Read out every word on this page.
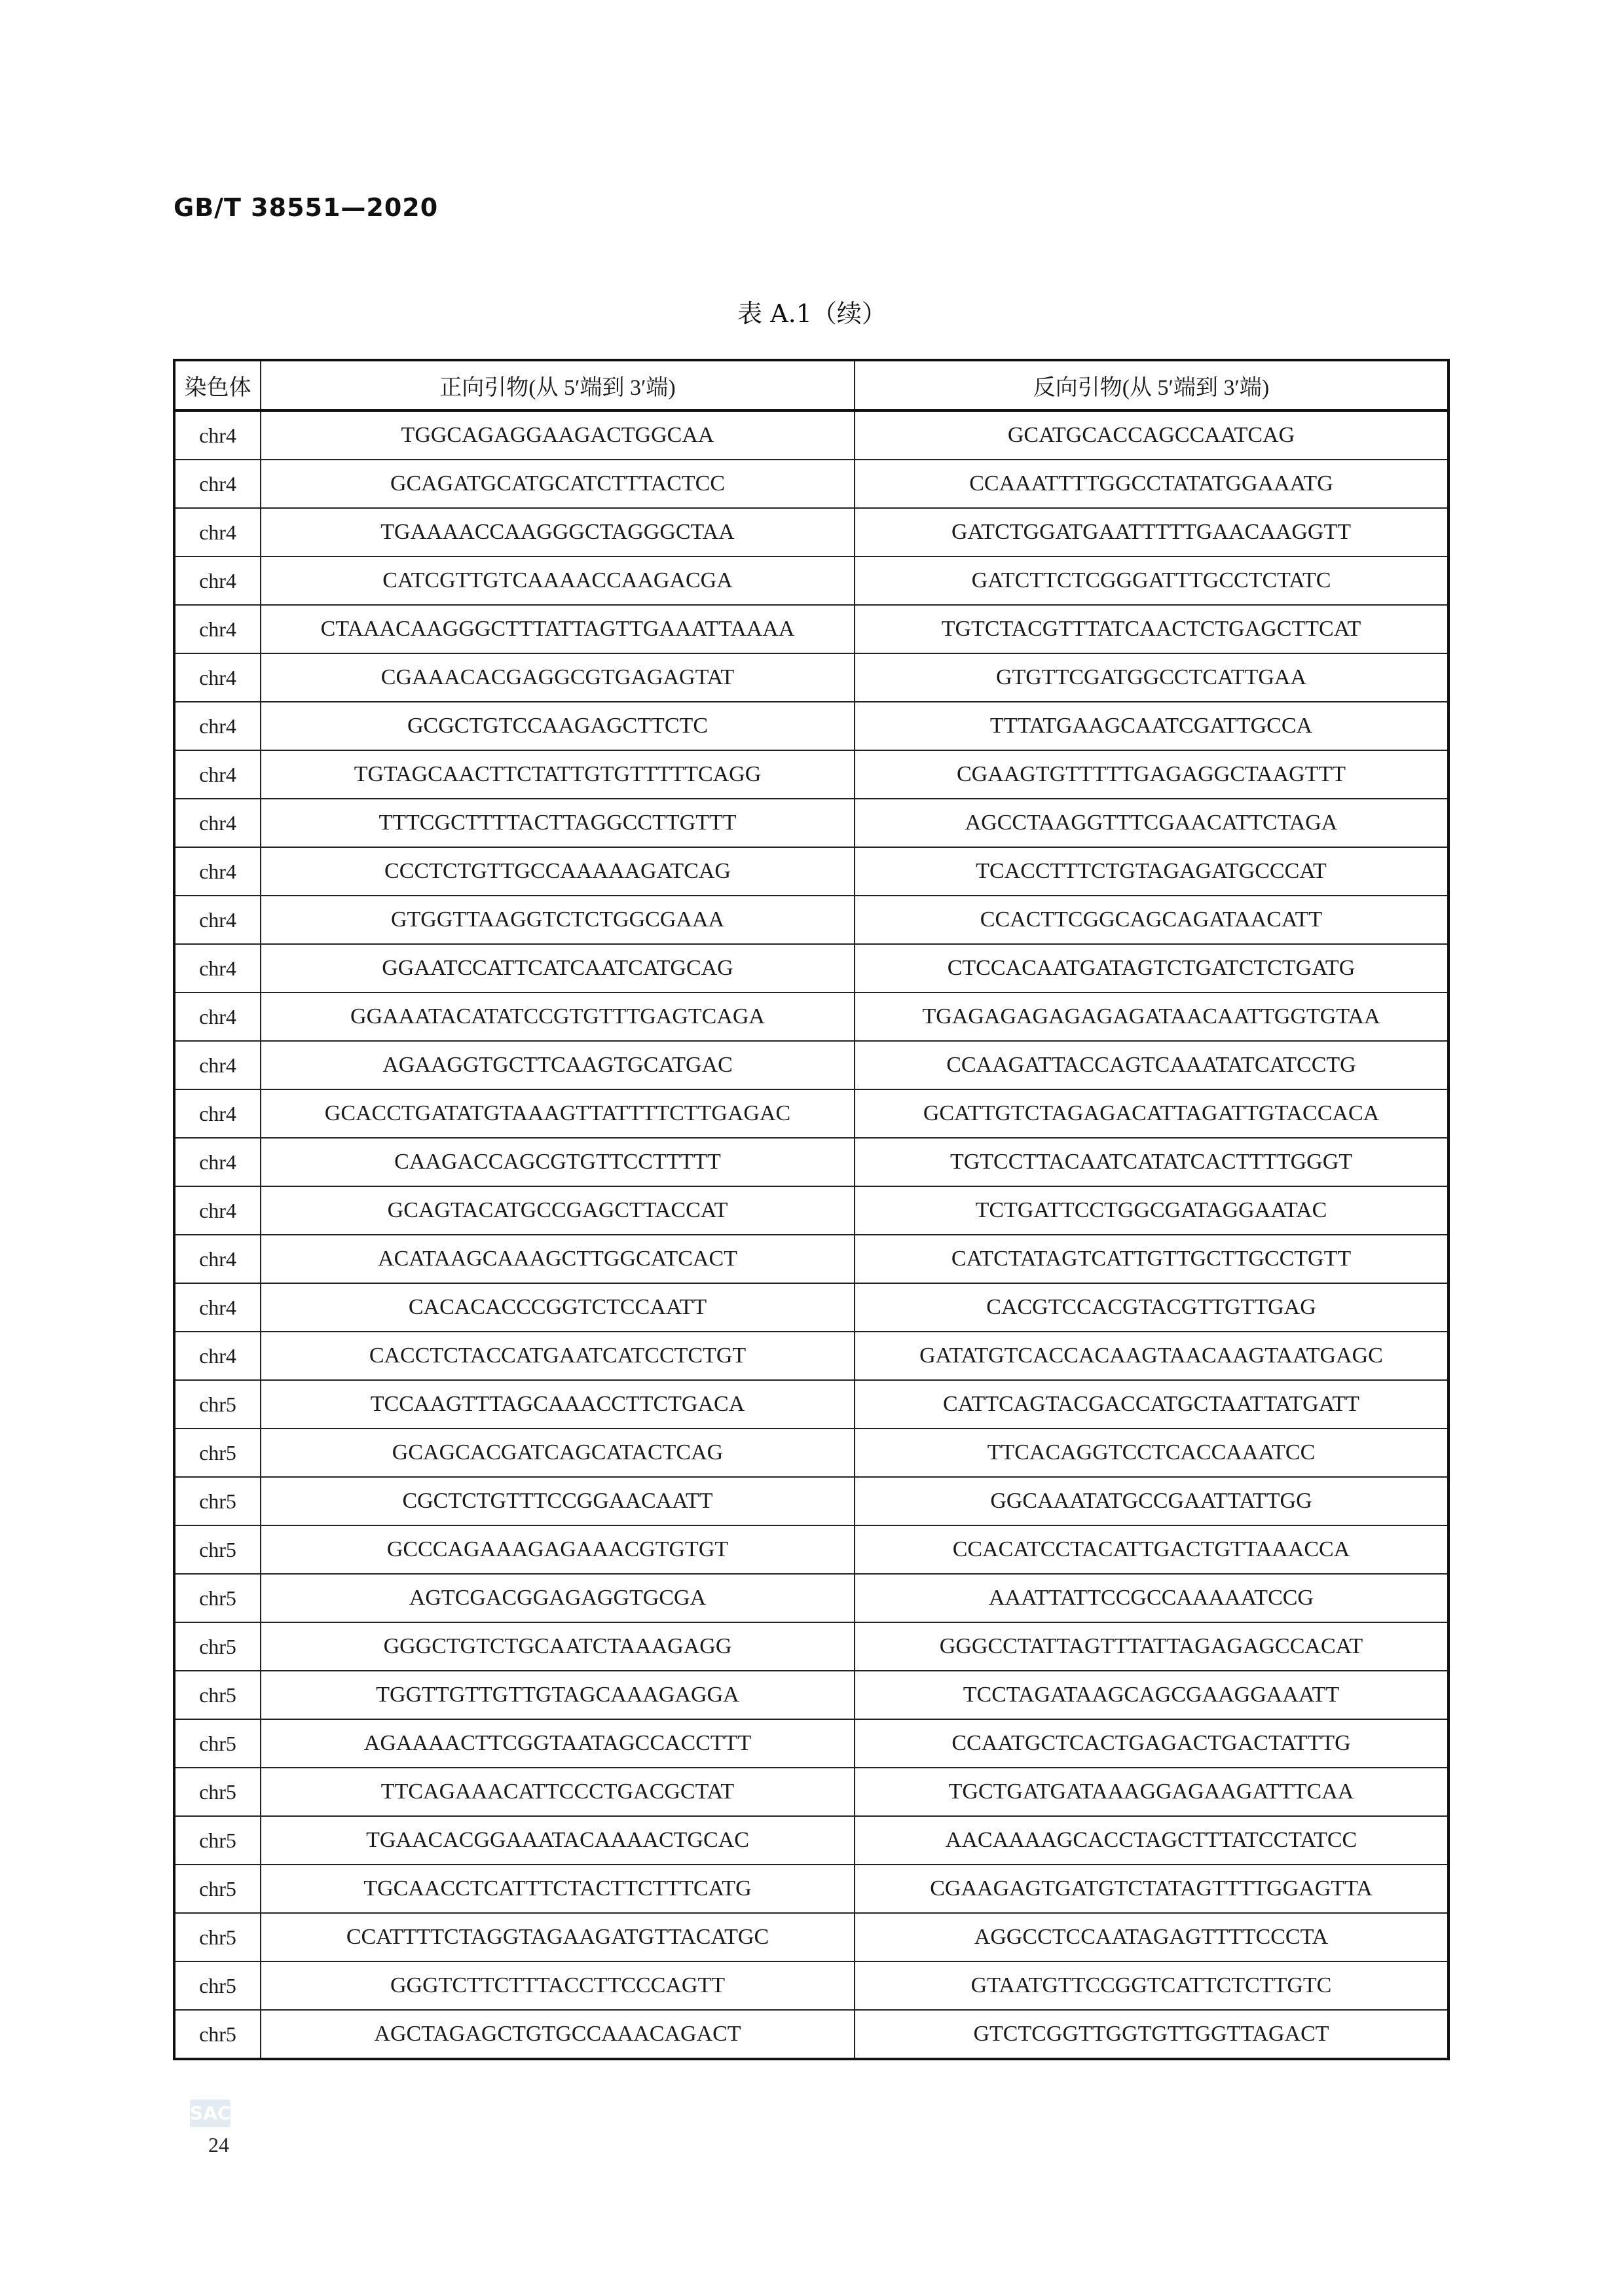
GB/T 38551—2020
表 A.1（续）
染色体	正向引物(从 5′端到 3′端)	反向引物(从 5′端到 3′端)
chr4	TGGCAGAGGAAGACTGGCAA	GCATGCACCAGCCAATCAG
chr4	GCAGATGCATGCATCTTTACTCC	CCAAATTTTGGCCTATATGGAAATG
chr4	TGAAAACCAAGGGCTAGGGCTAA	GATCTGGATGAATTTTTGAACAAGGTT
chr4	CATCGTTGTCAAAACCAAGACGA	GATCTTCTCGGGATTTGCCTCTATC
chr4	CTAAACAAGGGCTTTATTAGTTGAAATTAAAA	TGTCTACGTTTATCAACTCTGAGCTTCAT
chr4	CGAAACACGAGGCGTGAGAGTAT	GTGTTCGATGGCCTCATTGAA
chr4	GCGCTGTCCAAGAGCTTCTC	TTTATGAAGCAATCGATTGCCA
chr4	TGTAGCAACTTCTATTGTGTTTTTCAGG	CGAAGTGTTTTTGAGAGGCTAAGTTT
chr4	TTTCGCTTTTACTTAGGCCTTGTTT	AGCCTAAGGTTTCGAACATTCTAGA
chr4	CCCTCTGTTGCCAAAAAGATCAG	TCACCTTTCTGTAGAGATGCCCAT
chr4	GTGGTTAAGGTCTCTGGCGAAA	CCACTTCGGCAGCAGATAACATT
chr4	GGAATCCATTCATCAATCATGCAG	CTCCACAATGATAGTCTGATCTCTGATG
chr4	GGAAATACATATCCGTGTTTGAGTCAGA	TGAGAGAGAGAGAGATAACAATTGGTGTAA
chr4	AGAAGGTGCTTCAAGTGCATGAC	CCAAGATTACCAGTCAAATATCATCCTG
chr4	GCACCTGATATGTAAAGTTATTTTCTTGAGAC	GCATTGTCTAGAGACATTAGATTGTACCACA
chr4	CAAGACCAGCGTGTTCCTTTTT	TGTCCTTACAATCATATCACTTTTGGGT
chr4	GCAGTACATGCCGAGCTTACCAT	TCTGATTCCTGGCGATAGGAATAC
chr4	ACATAAGCAAAGCTTGGCATCACT	CATCTATAGTCATTGTTGCTTGCCTGTT
chr4	CACACACCCGGTCTCCAATT	CACGTCCACGTACGTTGTTGAG
chr4	CACCTCTACCATGAATCATCCTCTGT	GATATGTCACCACAAGTAACAAGTAATGAGC
chr5	TCCAAGTTTAGCAAACCTTCTGACA	CATTCAGTACGACCATGCTAATTATGATT
chr5	GCAGCACGATCAGCATACTCAG	TTCACAGGTCCTCACCAAATCC
chr5	CGCTCTGTTTCCGGAACAATT	GGCAAATATGCCGAATTATTGG
chr5	GCCCAGAAAGAGAAACGTGTGT	CCACATCCTACATTGACTGTTAAACCA
chr5	AGTCGACGGAGAGGTGCGA	AAATTATTCCGCCAAAAATCCG
chr5	GGGCTGTCTGCAATCTAAAGAGG	GGGCCTATTAGTTTATTAGAGAGCCACAT
chr5	TGGTTGTTGTTGTAGCAAAGAGGA	TCCTAGATAAGCAGCGAAGGAAATT
chr5	AGAAAACTTCGGTAATAGCCACCTTT	CCAATGCTCACTGAGACTGACTATTTG
chr5	TTCAGAAACATTCCCTGACGCTAT	TGCTGATGATAAAGGAGAAGATTTCAA
chr5	TGAACACGGAAATACAAAACTGCAC	AACAAAAGCACCTAGCTTTATCCTATCC
chr5	TGCAACCTCATTTCTACTTCTTTCATG	CGAAGAGTGATGTCTATAGTTTTGGAGTTA
chr5	CCATTTTCTAGGTAGAAGATGTTACATGC	AGGCCTCCAATAGAGTTTTCCCTA
chr5	GGGTCTTCTTTACCTTCCCAGTT	GTAATGTTCCGGTCATTCTCTTGTC
chr5	AGCTAGAGCTGTGCCAAACAGACT	GTCTCGGTTGGTGTTGGTTAGACT
SAC
24
